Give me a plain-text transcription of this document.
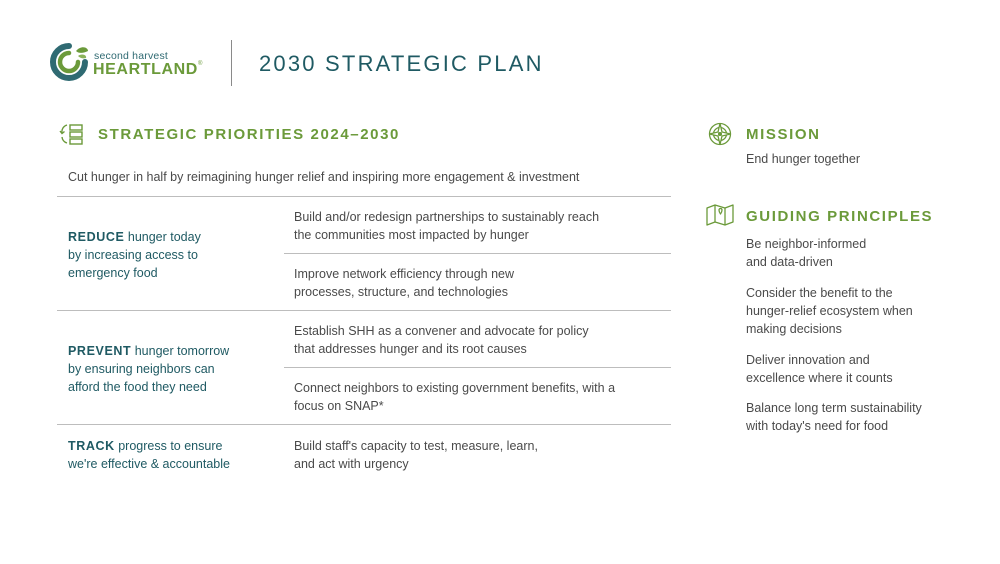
second harvest
HEARTLAND®	2030 STRATEGIC PLAN
STRATEGIC PRIORITIES 2024–2030
Cut hunger in half by reimagining hunger relief and inspiring more engagement & investment
REDUCE hunger today
by increasing access to
emergency food
Build and/or redesign partnerships to sustainably reach
the communities most impacted by hunger
Improve network efficiency through new
processes, structure, and technologies
PREVENT hunger tomorrow
by ensuring neighbors can
afford the food they need
Establish SHH as a convener and advocate for policy
that addresses hunger and its root causes
Connect neighbors to existing government benefits, with a
focus on SNAP*
TRACK progress to ensure
we're effective & accountable
Build staff's capacity to test, measure, learn,
and act with urgency
MISSION
End hunger together
GUIDING PRINCIPLES
Be neighbor-informed
and data-driven
Consider the benefit to the
hunger-relief ecosystem when
making decisions
Deliver innovation and
excellence where it counts
Balance long term sustainability
with today's need for food
